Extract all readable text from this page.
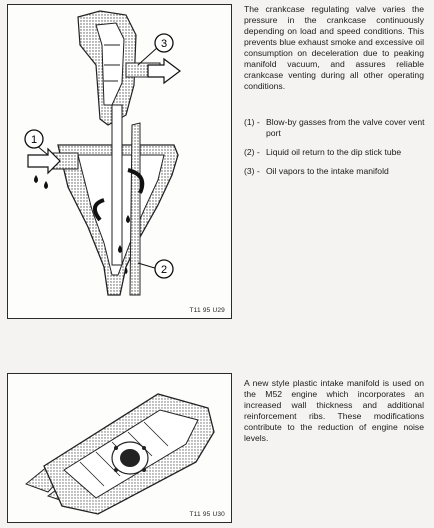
1
2
3
T11 95 U29
The crankcase regulating valve varies the pressure in the crankcase continuously depending on load and speed conditions. This prevents blue exhaust smoke and excessive oil consumption on deceleration due to peaking manifold vacuum, and assures reliable crankcase venting during all other operating conditions.
(1) - Blow-by gasses from the valve cover vent port
(2) - Liquid oil return to the dip stick tube
(3) - Oil vapors to the intake manifold
T11 95 U30
A new style plastic intake manifold is used on the M52 engine which incorporates an increased wall thickness and additional reinforcement ribs. These modifications contribute to the reduction of engine noise levels.
